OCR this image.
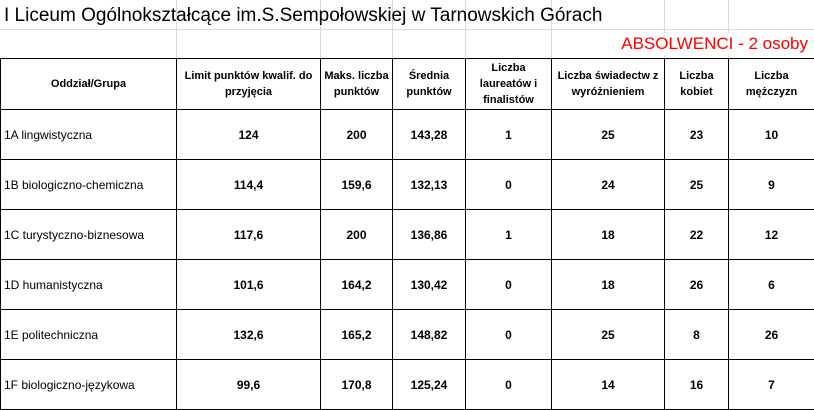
I Liceum Ogólnokształcące im.S.Sempołowskiej w Tarnowskich Górach
ABSOLWENCI - 2 osoby
Oddział/Grupa	Limit punktów kwalif. do przyjęcia	Maks. liczba punktów	Średnia punktów	Liczba laureatów i finalistów	Liczba świadectw z wyróżnieniem	Liczba kobiet	Liczba mężczyzn
1A lingwistyczna	124	200	143,28	1	25	23	10
1B biologiczno-chemiczna	114,4	159,6	132,13	0	24	25	9
1C turystyczno-biznesowa	117,6	200	136,86	1	18	22	12
1D humanistyczna	101,6	164,2	130,42	0	18	26	6
1E politechniczna	132,6	165,2	148,82	0	25	8	26
1F biologiczno-językowa	99,6	170,8	125,24	0	14	16	7
